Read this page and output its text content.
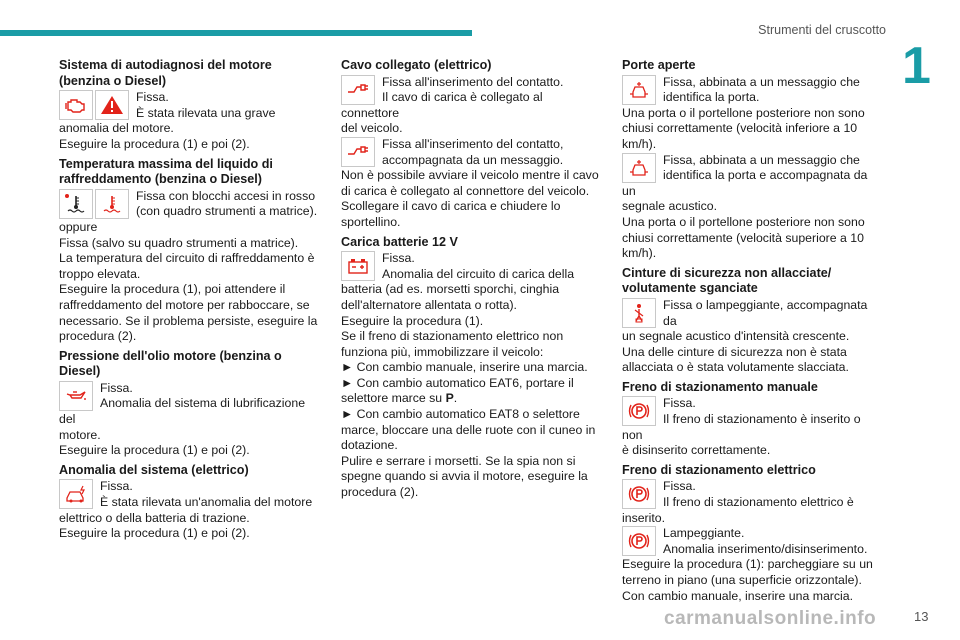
Strumenti del cruscotto
1
Sistema di autodiagnosi del motore (benzina o Diesel)
Fissa.
È stata rilevata una grave
anomalia del motore.
Eseguire la procedura (1) e poi (2).
Temperatura massima del liquido di raffreddamento (benzina o Diesel)
Fissa con blocchi accesi in rosso
(con quadro strumenti a matrice).
oppure
Fissa (salvo su quadro strumenti a matrice).
La temperatura del circuito di raffreddamento è troppo elevata.
Eseguire la procedura (1), poi attendere il raffreddamento del motore per rabboccare, se necessario. Se il problema persiste, eseguire la procedura (2).
Pressione dell'olio motore (benzina o Diesel)
Fissa.
Anomalia del sistema di lubrificazione del
motore.
Eseguire la procedura (1) e poi (2).
Anomalia del sistema (elettrico)
Fissa.
È stata rilevata un'anomalia del motore
elettrico o della batteria di trazione.
Eseguire la procedura (1) e poi (2).
Cavo collegato (elettrico)
Fissa all'inserimento del contatto.
Il cavo di carica è collegato al connettore
del veicolo.
Fissa all'inserimento del contatto,
accompagnata da un messaggio.
Non è possibile avviare il veicolo mentre il cavo di carica è collegato al connettore del veicolo.
Scollegare il cavo di carica e chiudere lo sportellino.
Carica batterie 12 V
Fissa.
Anomalia del circuito di carica della
batteria (ad es. morsetti sporchi, cinghia dell'alternatore allentata o rotta).
Eseguire la procedura (1).
Se il freno di stazionamento elettrico non funziona più, immobilizzare il veicolo:
► Con cambio manuale, inserire una marcia.
► Con cambio automatico EAT6, portare il selettore marce su P.
► Con cambio automatico EAT8 o selettore marce, bloccare una delle ruote con il cuneo in dotazione.
Pulire e serrare i morsetti. Se la spia non si spegne quando si avvia il motore, eseguire la procedura (2).
Porte aperte
Fissa, abbinata a un messaggio che
identifica la porta.
Una porta o il portellone posteriore non sono chiusi correttamente (velocità inferiore a 10 km/h).
Fissa, abbinata a un messaggio che
identifica la porta e accompagnata da un
segnale acustico.
Una porta o il portellone posteriore non sono chiusi correttamente (velocità superiore a 10 km/h).
Cinture di sicurezza non allacciate/ volutamente sganciate
Fissa o lampeggiante, accompagnata da
un segnale acustico d'intensità crescente.
Una delle cinture di sicurezza non è stata allacciata o è stata volutamente slacciata.
Freno di stazionamento manuale
Fissa.
Il freno di stazionamento è inserito o non
è disinserito correttamente.
Freno di stazionamento elettrico
Fissa.
Il freno di stazionamento elettrico è
inserito.
Lampeggiante.
Anomalia inserimento/disinserimento.
Eseguire la procedura (1): parcheggiare su un terreno in piano (una superficie orizzontale).
Con cambio manuale, inserire una marcia.
carmanualsonline.info	13
